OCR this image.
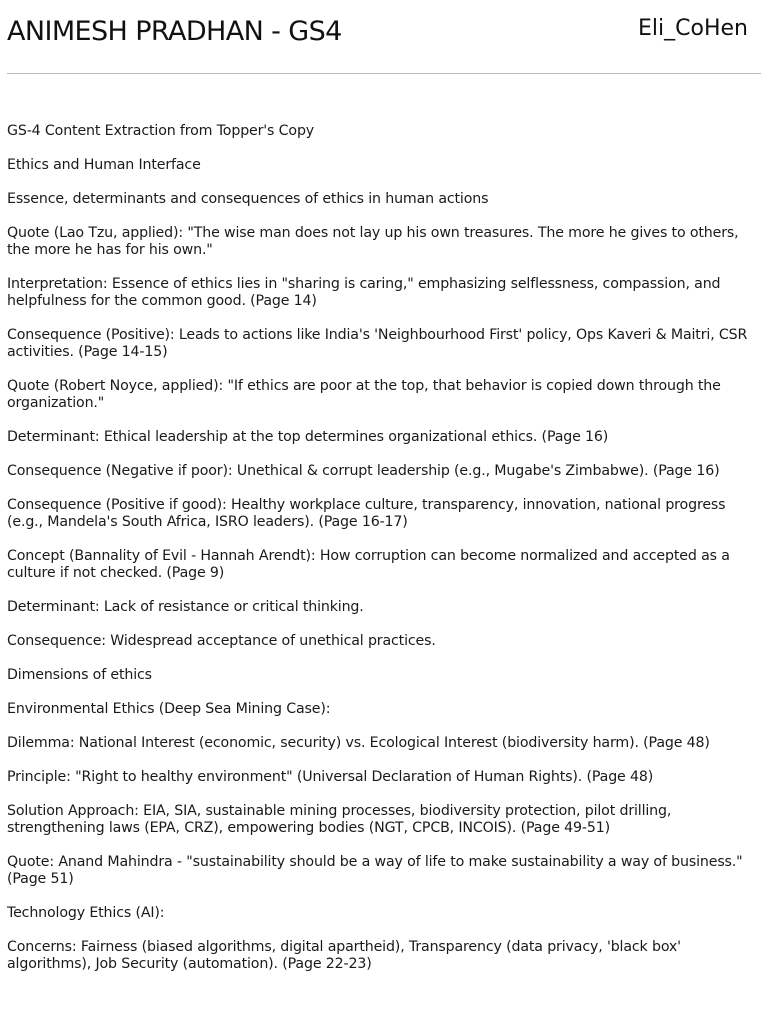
ANIMESH PRADHAN - GS4	Eli_CoHen

GS-4 Content Extraction from Topper's Copy

Ethics and Human Interface

Essence, determinants and consequences of ethics in human actions

Quote (Lao Tzu, applied): "The wise man does not lay up his own treasures. The more he gives to others, the more he has for his own."

Interpretation: Essence of ethics lies in "sharing is caring," emphasizing selflessness, compassion, and helpfulness for the common good. (Page 14)

Consequence (Positive): Leads to actions like India's 'Neighbourhood First' policy, Ops Kaveri & Maitri, CSR activities. (Page 14-15)

Quote (Robert Noyce, applied): "If ethics are poor at the top, that behavior is copied down through the organization."

Determinant: Ethical leadership at the top determines organizational ethics. (Page 16)

Consequence (Negative if poor): Unethical & corrupt leadership (e.g., Mugabe's Zimbabwe). (Page 16)

Consequence (Positive if good): Healthy workplace culture, transparency, innovation, national progress (e.g., Mandela's South Africa, ISRO leaders). (Page 16-17)

Concept (Bannality of Evil - Hannah Arendt): How corruption can become normalized and accepted as a culture if not checked. (Page 9)

Determinant: Lack of resistance or critical thinking.

Consequence: Widespread acceptance of unethical practices.

Dimensions of ethics

Environmental Ethics (Deep Sea Mining Case):

Dilemma: National Interest (economic, security) vs. Ecological Interest (biodiversity harm). (Page 48)

Principle: "Right to healthy environment" (Universal Declaration of Human Rights). (Page 48)

Solution Approach: EIA, SIA, sustainable mining processes, biodiversity protection, pilot drilling, strengthening laws (EPA, CRZ), empowering bodies (NGT, CPCB, INCOIS). (Page 49-51)

Quote: Anand Mahindra - "sustainability should be a way of life to make sustainability a way of business." (Page 51)

Technology Ethics (AI):

Concerns: Fairness (biased algorithms, digital apartheid), Transparency (data privacy, 'black box' algorithms), Job Security (automation). (Page 22-23)
